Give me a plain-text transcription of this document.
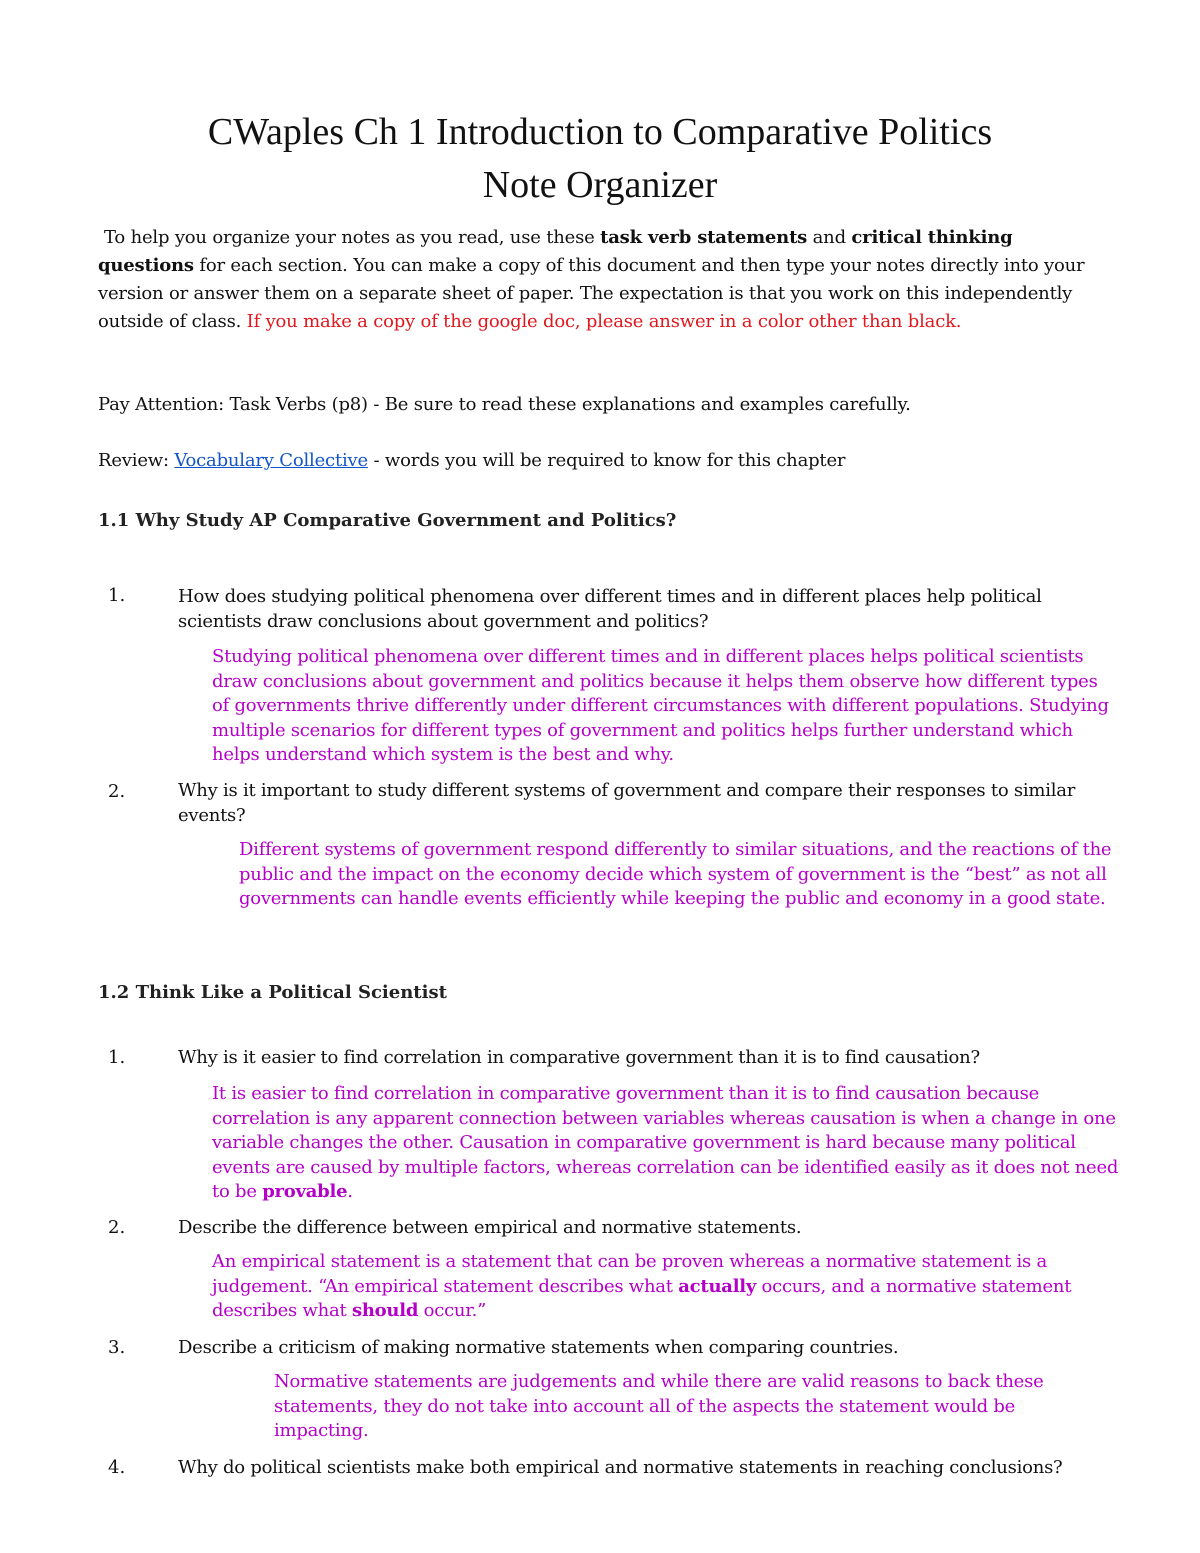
CWaples Ch 1 Introduction to Comparative Politics
Note Organizer
To help you organize your notes as you read, use these task verb statements and critical thinking questions for each section. You can make a copy of this document and then type your notes directly into your version or answer them on a separate sheet of paper. The expectation is that you work on this independently outside of class. If you make a copy of the google doc, please answer in a color other than black.
Pay Attention: Task Verbs (p8) - Be sure to read these explanations and examples carefully.
Review: Vocabulary Collective - words you will be required to know for this chapter
1.1 Why Study AP Comparative Government and Politics?
1.	How does studying political phenomena over different times and in different places help political scientists draw conclusions about government and politics?
Studying political phenomena over different times and in different places helps political scientists draw conclusions about government and politics because it helps them observe how different types of governments thrive differently under different circumstances with different populations. Studying multiple scenarios for different types of government and politics helps further understand which helps understand which system is the best and why.
2.	Why is it important to study different systems of government and compare their responses to similar events?
Different systems of government respond differently to similar situations, and the reactions of the public and the impact on the economy decide which system of government is the “best” as not all governments can handle events efficiently while keeping the public and economy in a good state.
1.2 Think Like a Political Scientist
1.	Why is it easier to find correlation in comparative government than it is to find causation?
It is easier to find correlation in comparative government than it is to find causation because correlation is any apparent connection between variables whereas causation is when a change in one variable changes the other. Causation in comparative government is hard because many political events are caused by multiple factors, whereas correlation can be identified easily as it does not need to be provable.
2.	Describe the difference between empirical and normative statements.
An empirical statement is a statement that can be proven whereas a normative statement is a judgement. “An empirical statement describes what actually occurs, and a normative statement describes what should occur.”
3.	Describe a criticism of making normative statements when comparing countries.
Normative statements are judgements and while there are valid reasons to back these statements, they do not take into account all of the aspects the statement would be impacting.
4.	Why do political scientists make both empirical and normative statements in reaching conclusions?
